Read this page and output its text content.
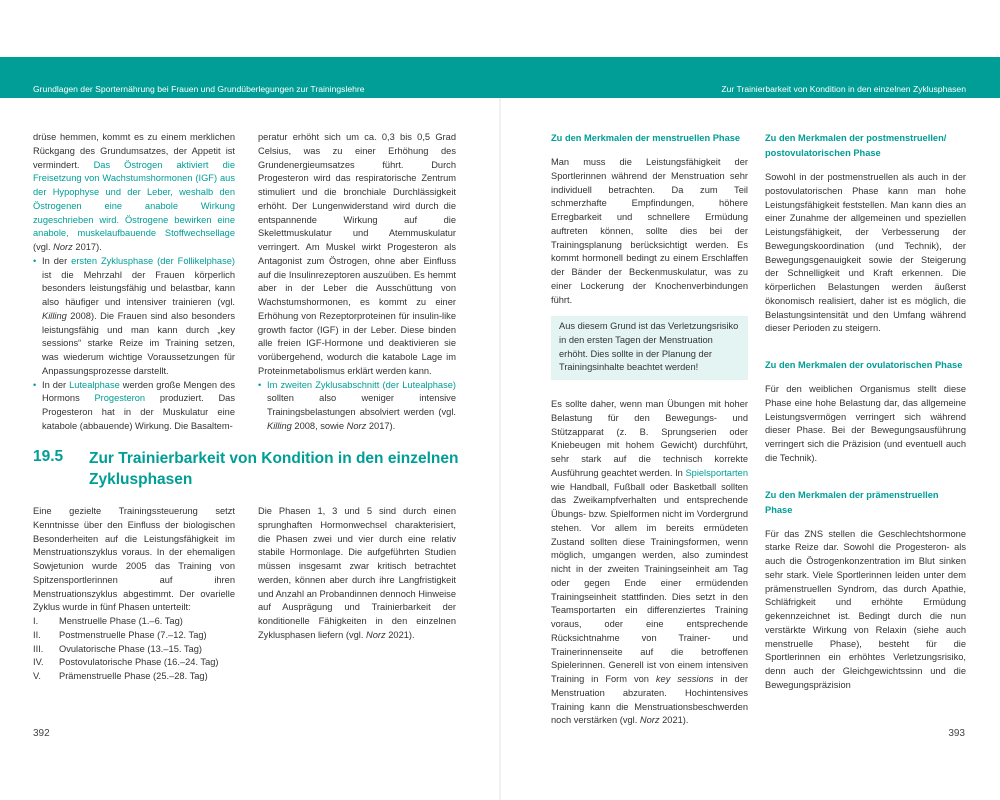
Grundlagen der Sporternährung bei Frauen und Grundüberlegungen zur Trainingslehre	Zur Trainierbarkeit von Kondition in den einzelnen Zyklusphasen

drüse hemmen, kommt es zu einem merklichen Rückgang des Grundumsatzes, der Appetit ist vermindert. Das Östrogen aktiviert die Freisetzung von Wachstumshormonen (IGF) aus der Hypophyse und der Leber, weshalb den Östrogenen eine anabole Wirkung zugeschrieben wird. Östrogene bewirken eine anabole, muskelaufbauende Stoffwechsellage (vgl. Norz 2017).

• In der ersten Zyklusphase (der Follikelphase) ist die Mehrzahl der Frauen körperlich besonders leistungsfähig und belastbar, kann also häufiger und intensiver trainieren (vgl. Killing 2008). Die Frauen sind also besonders leistungsfähig und man kann durch „key sessions“ starke Reize im Training setzen, was wiederum wichtige Voraussetzungen für Anpassungsprozesse darstellt.

• In der Lutealphase werden große Mengen des Hormons Progesteron produziert. Das Progesteron hat in der Muskulatur eine katabole (abbauende) Wirkung. Die Basaltem-

peratur erhöht sich um ca. 0,3 bis 0,5 Grad Celsius, was zu einer Erhöhung des Grundenergieumsatzes führt. Durch Progesteron wird das respiratorische Zentrum stimuliert und die bronchiale Durchlässigkeit erhöht. Der Lungenwiderstand wird durch die entspannende Wirkung auf die Skelettmuskulatur und Atemmuskulatur verringert. Am Muskel wirkt Progesteron als Antagonist zum Östrogen, ohne aber Einfluss auf die Insulinrezeptoren auszuüben. Es hemmt aber in der Leber die Ausschüttung von Wachstumshormonen, es kommt zu einer Erhöhung von Rezeptorproteinen für insulin-like growth factor (IGF) in der Leber. Diese binden alle freien IGF-Hormone und deaktivieren sie vorübergehend, wodurch die katabole Lage im Proteinmetabolismus erklärt werden kann.

• Im zweiten Zyklusabschnitt (der Lutealphase) sollten also weniger intensive Trainingsbelastungen absolviert werden (vgl. Killing 2008, sowie Norz 2017).

19.5 Zur Trainierbarkeit von Kondition in den einzelnen Zyklusphasen

Eine gezielte Trainingssteuerung setzt Kenntnisse über den Einfluss der biologischen Besonderheiten auf die Leistungsfähigkeit im Menstruationszyklus voraus. In der ehemaligen Sowjetunion wurde 2005 das Training von Spitzensportlerinnen auf ihren Menstruationszyklus abgestimmt. Der ovarielle Zyklus wurde in fünf Phasen unterteilt:

I. Menstruelle Phase (1.–6. Tag)

II. Postmenstruelle Phase (7.–12. Tag)

III. Ovulatorische Phase (13.–15. Tag)

IV. Postovulatorische Phase (16.–24. Tag)

V. Prämenstruelle Phase (25.–28. Tag)

Die Phasen 1, 3 und 5 sind durch einen sprunghaften Hormonwechsel charakterisiert, die Phasen zwei und vier durch eine relativ stabile Hormonlage. Die aufgeführten Studien müssen insgesamt zwar kritisch betrachtet werden, können aber durch ihre Langfristigkeit und Anzahl an Probandinnen dennoch Hinweise auf Ausprägung und Trainierbarkeit der konditionelle Fähigkeiten in den einzelnen Zyklusphasen liefern (vgl. Norz 2021).

392
Zu den Merkmalen der menstruellen Phase

Man muss die Leistungsfähigkeit der Sportlerinnen während der Menstruation sehr individuell betrachten. Da zum Teil schmerzhafte Empfindungen, höhere Erregbarkeit und schnellere Ermüdung auftreten können, sollte dies bei der Trainingsplanung berücksichtigt werden. Es kommt hormonell bedingt zu einem Erschlaffen der Bänder der Beckenmuskulatur, was zu einer Lockerung der Knochenverbindungen führt.

Aus diesem Grund ist das Verletzungsrisiko in den ersten Tagen der Menstruation erhöht. Dies sollte in der Planung der Trainingsinhalte beachtet werden!

Es sollte daher, wenn man Übungen mit hoher Belastung für den Bewegungs- und Stützapparat (z. B. Sprungserien oder Kniebeugen mit hohem Gewicht) durchführt, sehr stark auf die technisch korrekte Ausführung geachtet werden. In Spielsportarten wie Handball, Fußball oder Basketball sollten das Zweikampfverhalten und entsprechende Übungs- bzw. Spielformen nicht im Vordergrund stehen. Vor allem im bereits ermüdeten Zustand sollten diese Trainingsformen, wenn möglich, umgangen werden, also zumindest nicht in der zweiten Trainingseinheit am Tag oder gegen Ende einer ermüdenden Trainingseinheit stattfinden. Dies setzt in den Teamsportarten ein differenziertes Training voraus, oder eine entsprechende Rücksichtnahme von Trainer- und Trainerinnenseite auf die betroffenen Spielerinnen. Generell ist von einem intensiven Training in Form von key sessions in der Menstruation abzuraten. Hochintensives Training kann die Menstruationsbeschwerden noch verstärken (vgl. Norz 2021).

Zu den Merkmalen der postmenstruellen/ postovulatorischen Phase

Sowohl in der postmenstruellen als auch in der postovulatorischen Phase kann man hohe Leistungsfähigkeit feststellen. Man kann dies an einer Zunahme der allgemeinen und speziellen Leistungsfähigkeit, der Verbesserung der Bewegungskoordination (und Technik), der Bewegungsgenauigkeit sowie der Steigerung der Schnelligkeit und Kraft erkennen. Die körperlichen Belastungen werden äußerst ökonomisch realisiert, daher ist es möglich, die Belastungsintensität und den Umfang während dieser Perioden zu steigern.

Zu den Merkmalen der ovulatorischen Phase

Für den weiblichen Organismus stellt diese Phase eine hohe Belastung dar, das allgemeine Leistungsvermögen verringert sich während dieser Phase. Bei der Bewegungsausführung verringert sich die Präzision (und eventuell auch die Technik).

Zu den Merkmalen der prämenstruellen Phase

Für das ZNS stellen die Geschlechtshormone starke Reize dar. Sowohl die Progesteron- als auch die Östrogenkonzentration im Blut sinken sehr stark. Viele Sportlerinnen leiden unter dem prämenstruellen Syndrom, das durch Apathie, Schläfrigkeit und erhöhte Ermüdung gekennzeichnet ist. Bedingt durch die nun verstärkte Wirkung von Relaxin (siehe auch menstruelle Phase), besteht für die Sportlerinnen ein erhöhtes Verletzungsrisiko, denn auch der Gleichgewichtssinn und die Bewegungspräzision

393
